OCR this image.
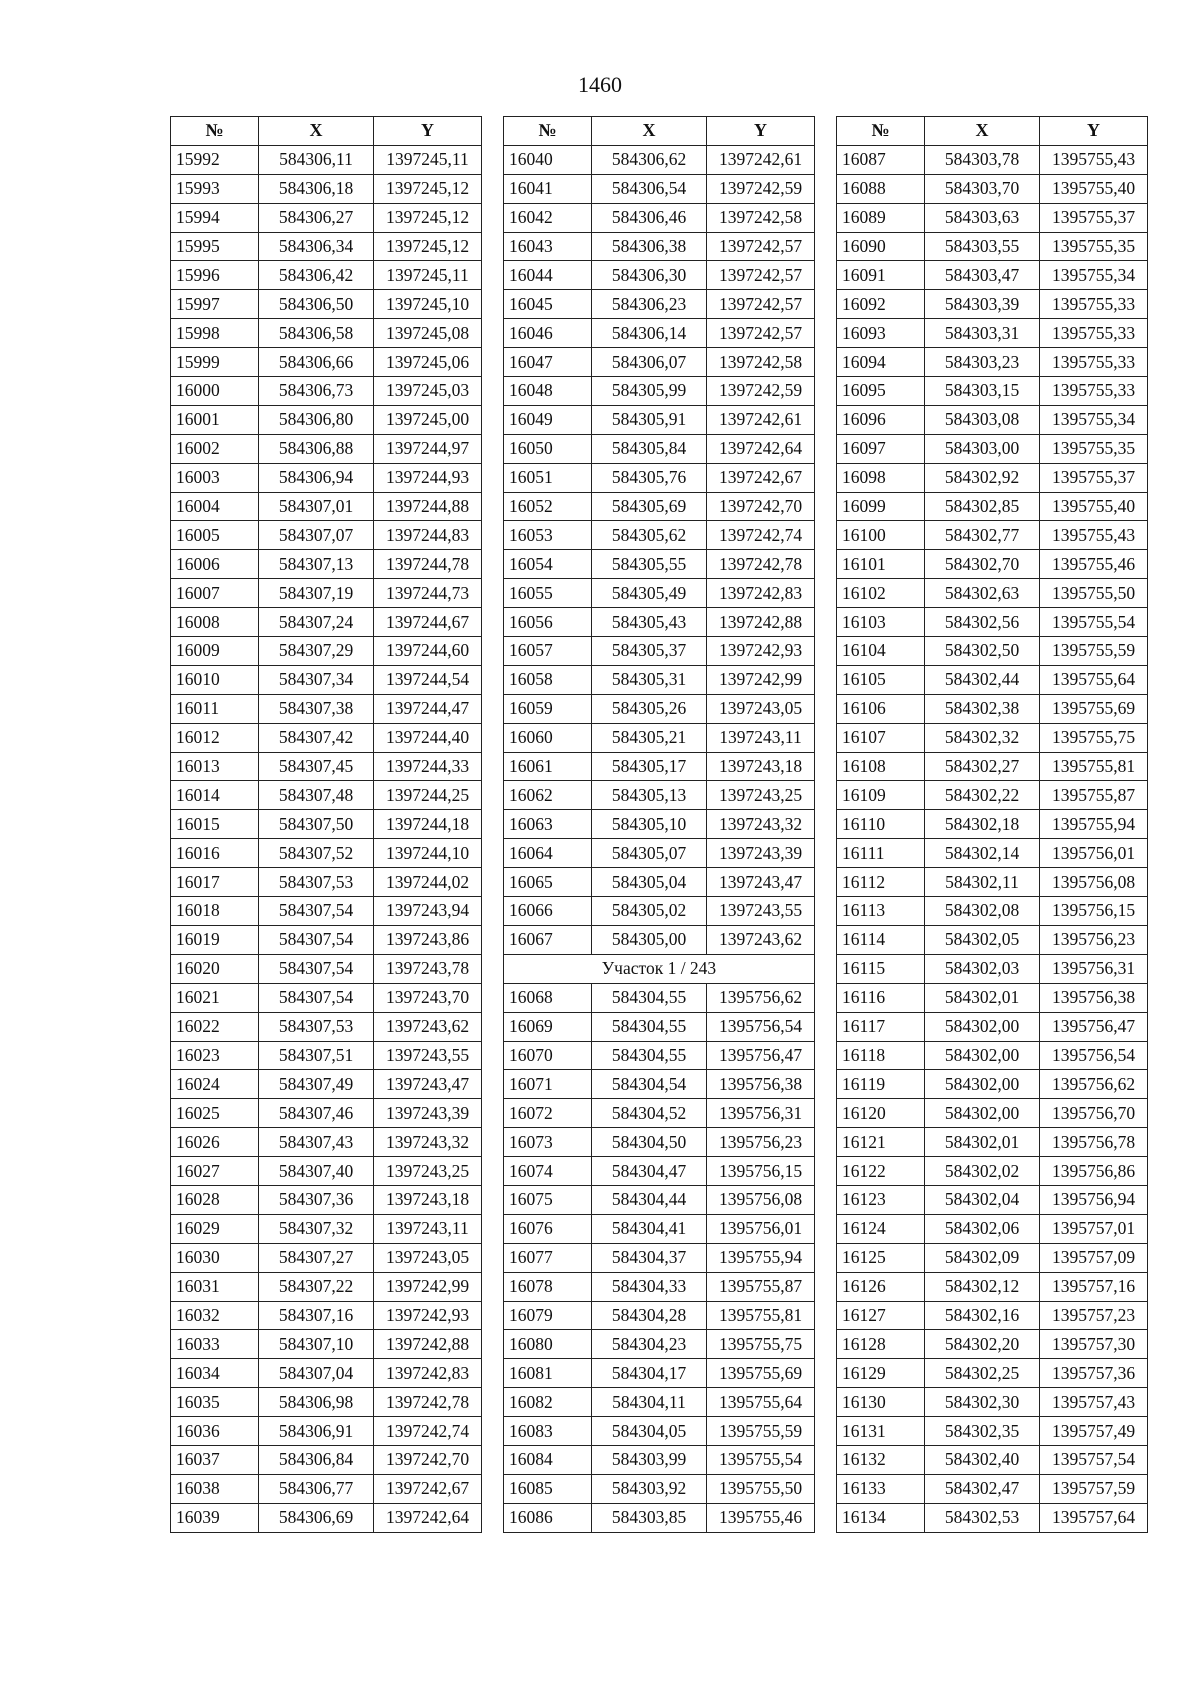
1460
№	X	Y
15992	584306,11	1397245,11
15993	584306,18	1397245,12
15994	584306,27	1397245,12
15995	584306,34	1397245,12
15996	584306,42	1397245,11
15997	584306,50	1397245,10
15998	584306,58	1397245,08
15999	584306,66	1397245,06
16000	584306,73	1397245,03
16001	584306,80	1397245,00
16002	584306,88	1397244,97
16003	584306,94	1397244,93
16004	584307,01	1397244,88
16005	584307,07	1397244,83
16006	584307,13	1397244,78
16007	584307,19	1397244,73
16008	584307,24	1397244,67
16009	584307,29	1397244,60
16010	584307,34	1397244,54
16011	584307,38	1397244,47
16012	584307,42	1397244,40
16013	584307,45	1397244,33
16014	584307,48	1397244,25
16015	584307,50	1397244,18
16016	584307,52	1397244,10
16017	584307,53	1397244,02
16018	584307,54	1397243,94
16019	584307,54	1397243,86
16020	584307,54	1397243,78
16021	584307,54	1397243,70
16022	584307,53	1397243,62
16023	584307,51	1397243,55
16024	584307,49	1397243,47
16025	584307,46	1397243,39
16026	584307,43	1397243,32
16027	584307,40	1397243,25
16028	584307,36	1397243,18
16029	584307,32	1397243,11
16030	584307,27	1397243,05
16031	584307,22	1397242,99
16032	584307,16	1397242,93
16033	584307,10	1397242,88
16034	584307,04	1397242,83
16035	584306,98	1397242,78
16036	584306,91	1397242,74
16037	584306,84	1397242,70
16038	584306,77	1397242,67
16039	584306,69	1397242,64
№	X	Y
16040	584306,62	1397242,61
16041	584306,54	1397242,59
16042	584306,46	1397242,58
16043	584306,38	1397242,57
16044	584306,30	1397242,57
16045	584306,23	1397242,57
16046	584306,14	1397242,57
16047	584306,07	1397242,58
16048	584305,99	1397242,59
16049	584305,91	1397242,61
16050	584305,84	1397242,64
16051	584305,76	1397242,67
16052	584305,69	1397242,70
16053	584305,62	1397242,74
16054	584305,55	1397242,78
16055	584305,49	1397242,83
16056	584305,43	1397242,88
16057	584305,37	1397242,93
16058	584305,31	1397242,99
16059	584305,26	1397243,05
16060	584305,21	1397243,11
16061	584305,17	1397243,18
16062	584305,13	1397243,25
16063	584305,10	1397243,32
16064	584305,07	1397243,39
16065	584305,04	1397243,47
16066	584305,02	1397243,55
16067	584305,00	1397243,62
Участок 1 / 243		
16068	584304,55	1395756,62
16069	584304,55	1395756,54
16070	584304,55	1395756,47
16071	584304,54	1395756,38
16072	584304,52	1395756,31
16073	584304,50	1395756,23
16074	584304,47	1395756,15
16075	584304,44	1395756,08
16076	584304,41	1395756,01
16077	584304,37	1395755,94
16078	584304,33	1395755,87
16079	584304,28	1395755,81
16080	584304,23	1395755,75
16081	584304,17	1395755,69
16082	584304,11	1395755,64
16083	584304,05	1395755,59
16084	584303,99	1395755,54
16085	584303,92	1395755,50
16086	584303,85	1395755,46
№	X	Y
16087	584303,78	1395755,43
16088	584303,70	1395755,40
16089	584303,63	1395755,37
16090	584303,55	1395755,35
16091	584303,47	1395755,34
16092	584303,39	1395755,33
16093	584303,31	1395755,33
16094	584303,23	1395755,33
16095	584303,15	1395755,33
16096	584303,08	1395755,34
16097	584303,00	1395755,35
16098	584302,92	1395755,37
16099	584302,85	1395755,40
16100	584302,77	1395755,43
16101	584302,70	1395755,46
16102	584302,63	1395755,50
16103	584302,56	1395755,54
16104	584302,50	1395755,59
16105	584302,44	1395755,64
16106	584302,38	1395755,69
16107	584302,32	1395755,75
16108	584302,27	1395755,81
16109	584302,22	1395755,87
16110	584302,18	1395755,94
16111	584302,14	1395756,01
16112	584302,11	1395756,08
16113	584302,08	1395756,15
16114	584302,05	1395756,23
16115	584302,03	1395756,31
16116	584302,01	1395756,38
16117	584302,00	1395756,47
16118	584302,00	1395756,54
16119	584302,00	1395756,62
16120	584302,00	1395756,70
16121	584302,01	1395756,78
16122	584302,02	1395756,86
16123	584302,04	1395756,94
16124	584302,06	1395757,01
16125	584302,09	1395757,09
16126	584302,12	1395757,16
16127	584302,16	1395757,23
16128	584302,20	1395757,30
16129	584302,25	1395757,36
16130	584302,30	1395757,43
16131	584302,35	1395757,49
16132	584302,40	1395757,54
16133	584302,47	1395757,59
16134	584302,53	1395757,64
